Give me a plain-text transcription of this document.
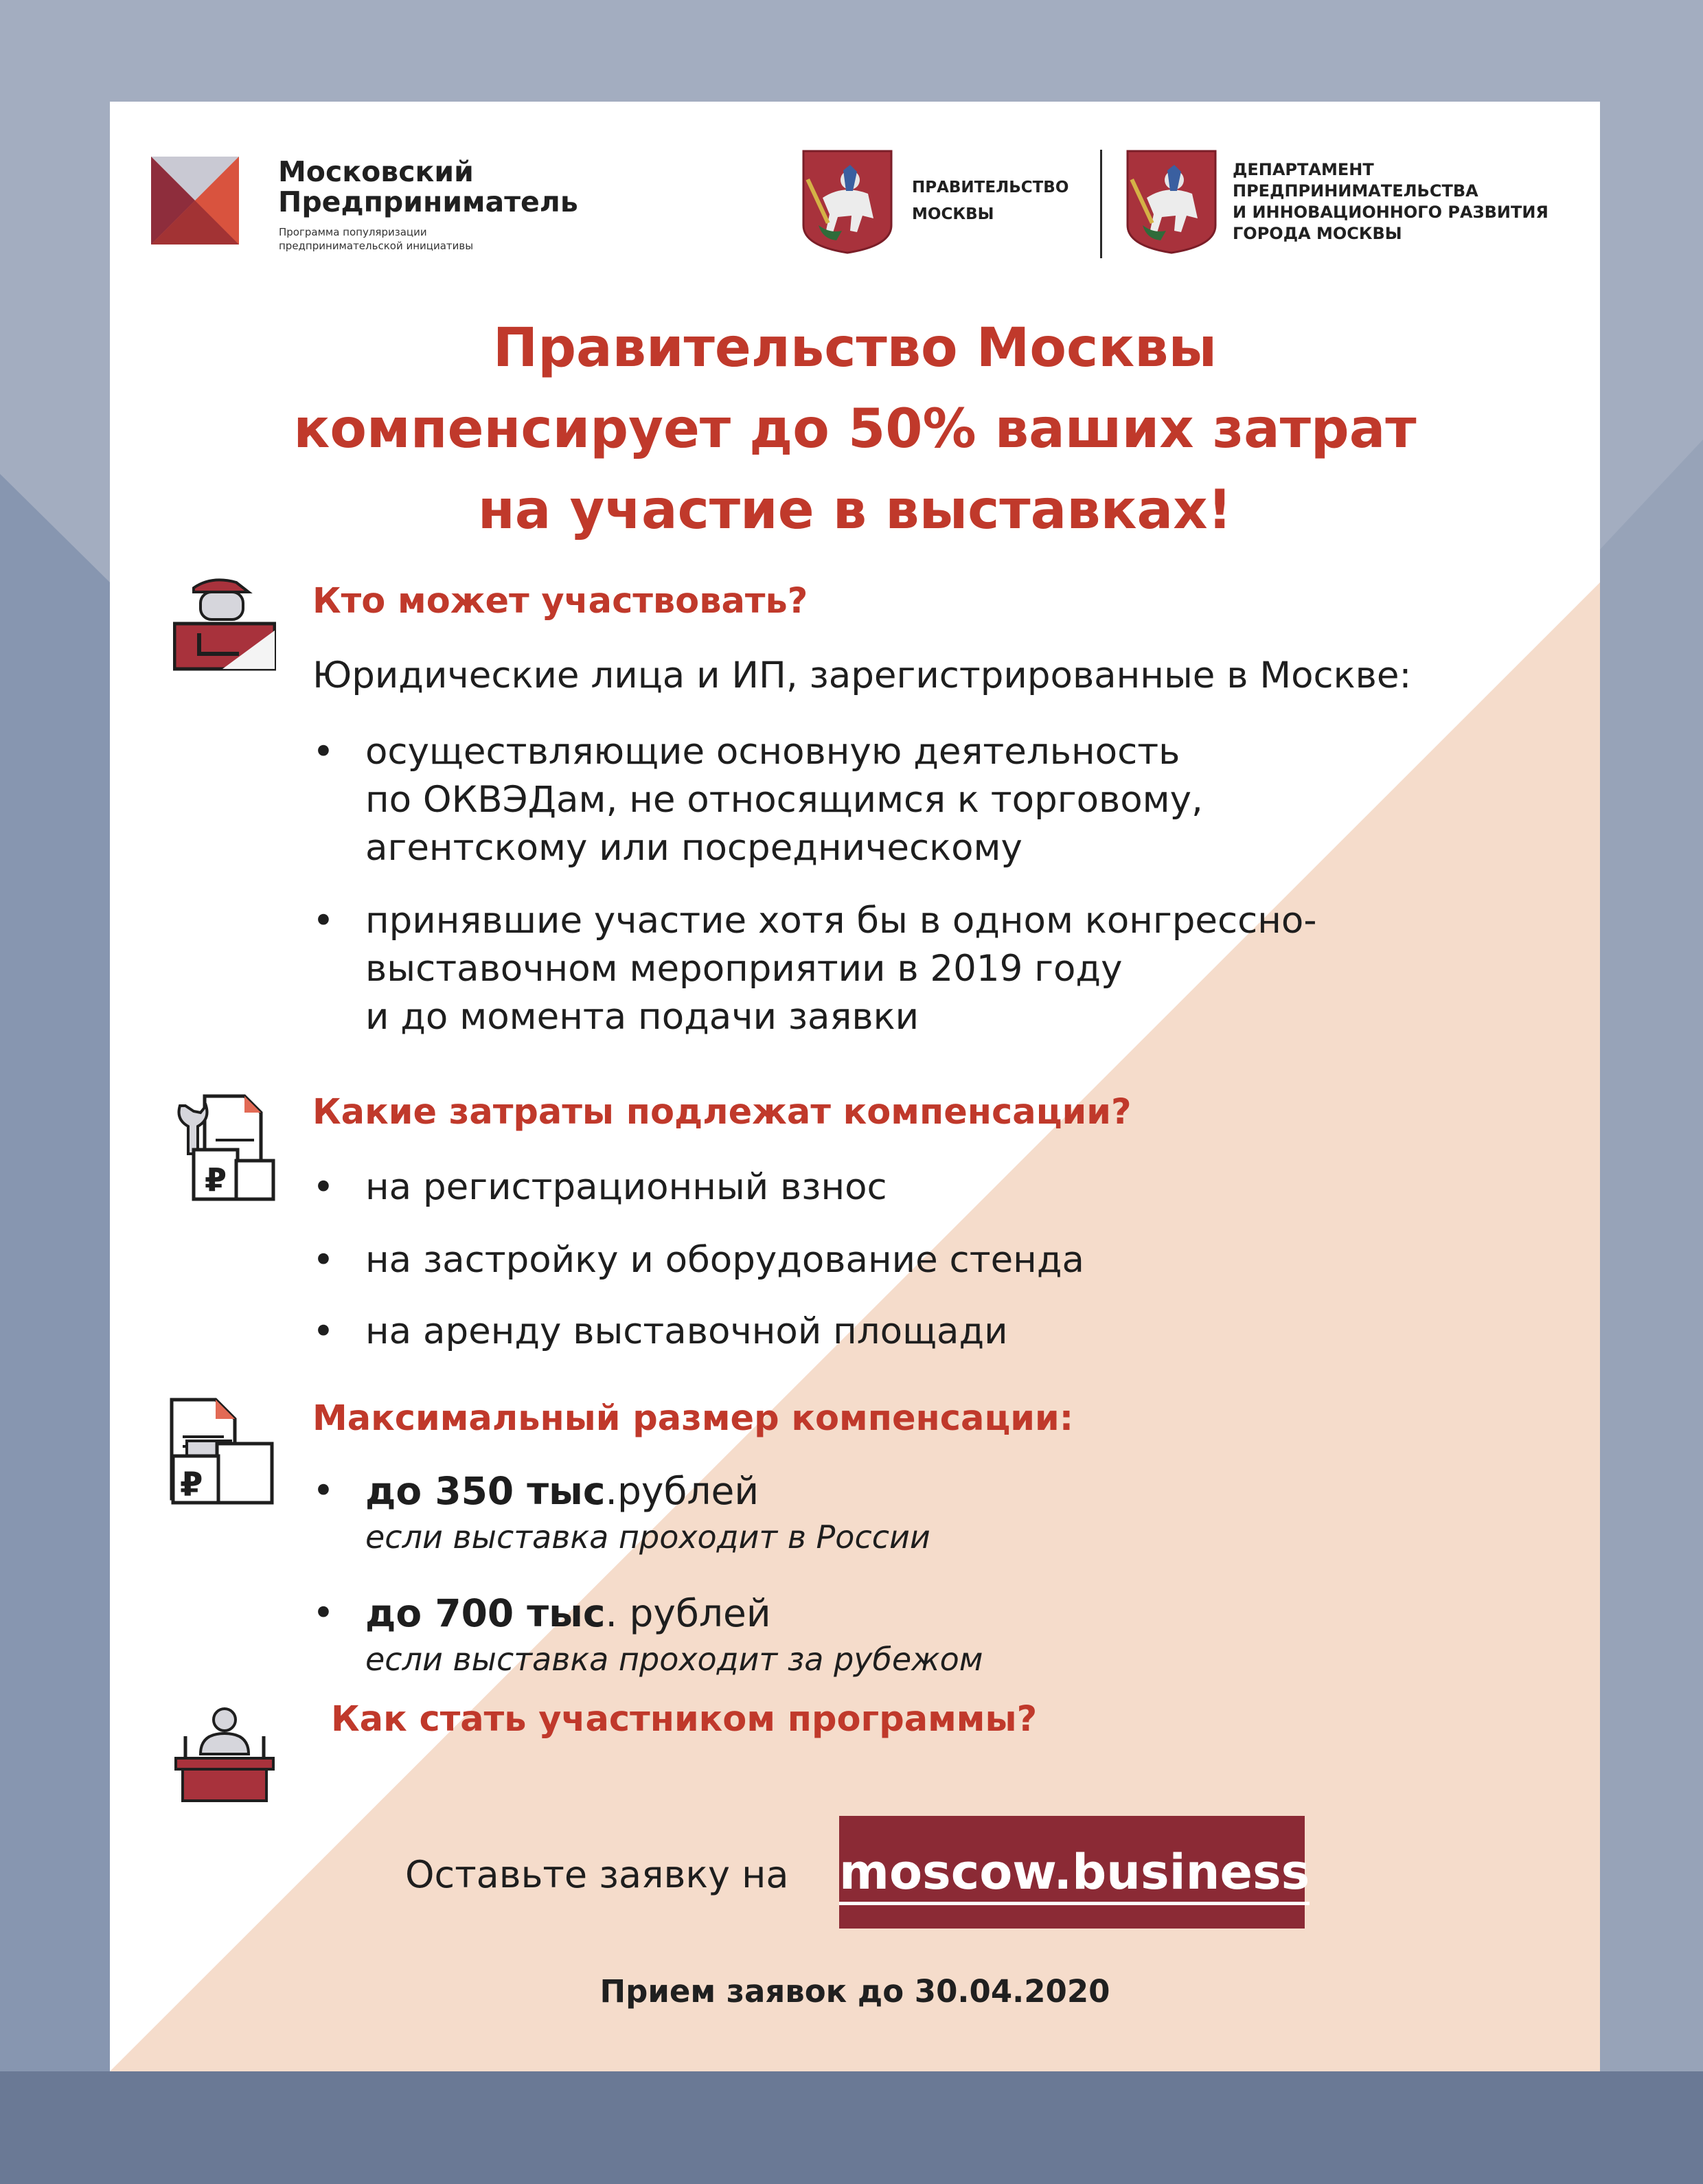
Московский
Предприниматель
Программа популяризации
предпринимательской инициативы
ПРАВИТЕЛЬСТВО
МОСКВЫ
ДЕПАРТАМЕНТ
ПРЕДПРИНИМАТЕЛЬСТВА
И ИННОВАЦИОННОГО РАЗВИТИЯ
ГОРОДА МОСКВЫ
Правительство Москвы
компенсирует до 50% ваших затрат
на участие в выставках!
Кто может участвовать?
Юридические лица и ИП, зарегистрированные в Москве:
• осуществляющие основную деятельность
по ОКВЭДам, не относящимся к торговому,
агентскому или посредническому
• принявшие участие хотя бы в одном конгрессно-
выставочном мероприятии в 2019 году
и до момента подачи заявки
₽
Какие затраты подлежат компенсации?
• на регистрационный взнос
• на застройку и оборудование стенда
• на аренду выставочной площади
₽
Максимальный размер компенсации:
• до 350 тыс.рублей
если выставка проходит в России
• до 700 тыс. рублей
если выставка проходит за рубежом
Как стать участником программы?
Оставьте заявку на moscow.business
Прием заявок до 30.04.2020
